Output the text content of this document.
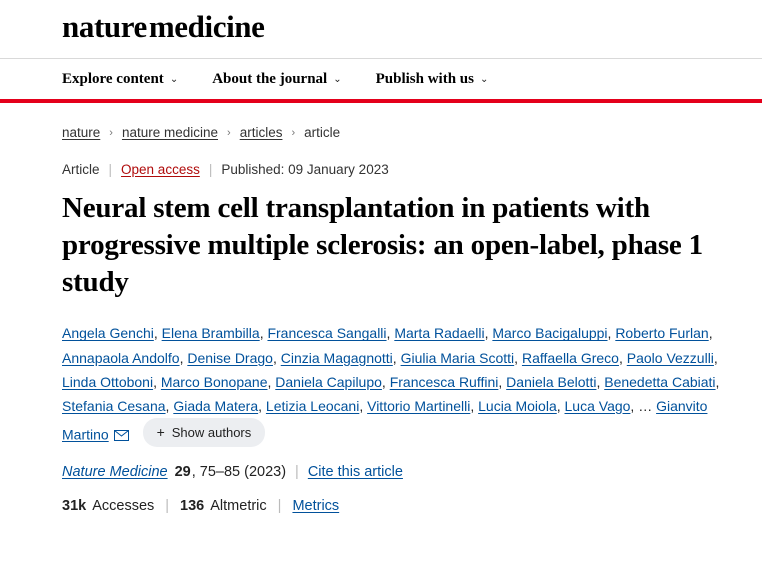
naturemedicine
Explore content ⌄ About the journal ⌄ Publish with us ⌄
nature › nature medicine › articles › article
Article | Open access | Published: 09 January 2023
Neural stem cell transplantation in patients with progressive multiple sclerosis: an open-label, phase 1 study
Angela Genchi, Elena Brambilla, Francesca Sangalli, Marta Radaelli, Marco Bacigaluppi, Roberto Furlan, Annapaola Andolfo, Denise Drago, Cinzia Magagnotti, Giulia Maria Scotti, Raffaella Greco, Paolo Vezzulli, Linda Ottoboni, Marco Bonopane, Daniela Capilupo, Francesca Ruffini, Daniela Belotti, Benedetta Cabiati, Stefania Cesana, Giada Matera, Letizia Leocani, Vittorio Martinelli, Lucia Moiola, Luca Vago, … Gianvito Martino	+ Show authors
Nature Medicine 29 , 75–85 (2023) | Cite this article
31k Accesses | 136 Altmetric | Metrics
